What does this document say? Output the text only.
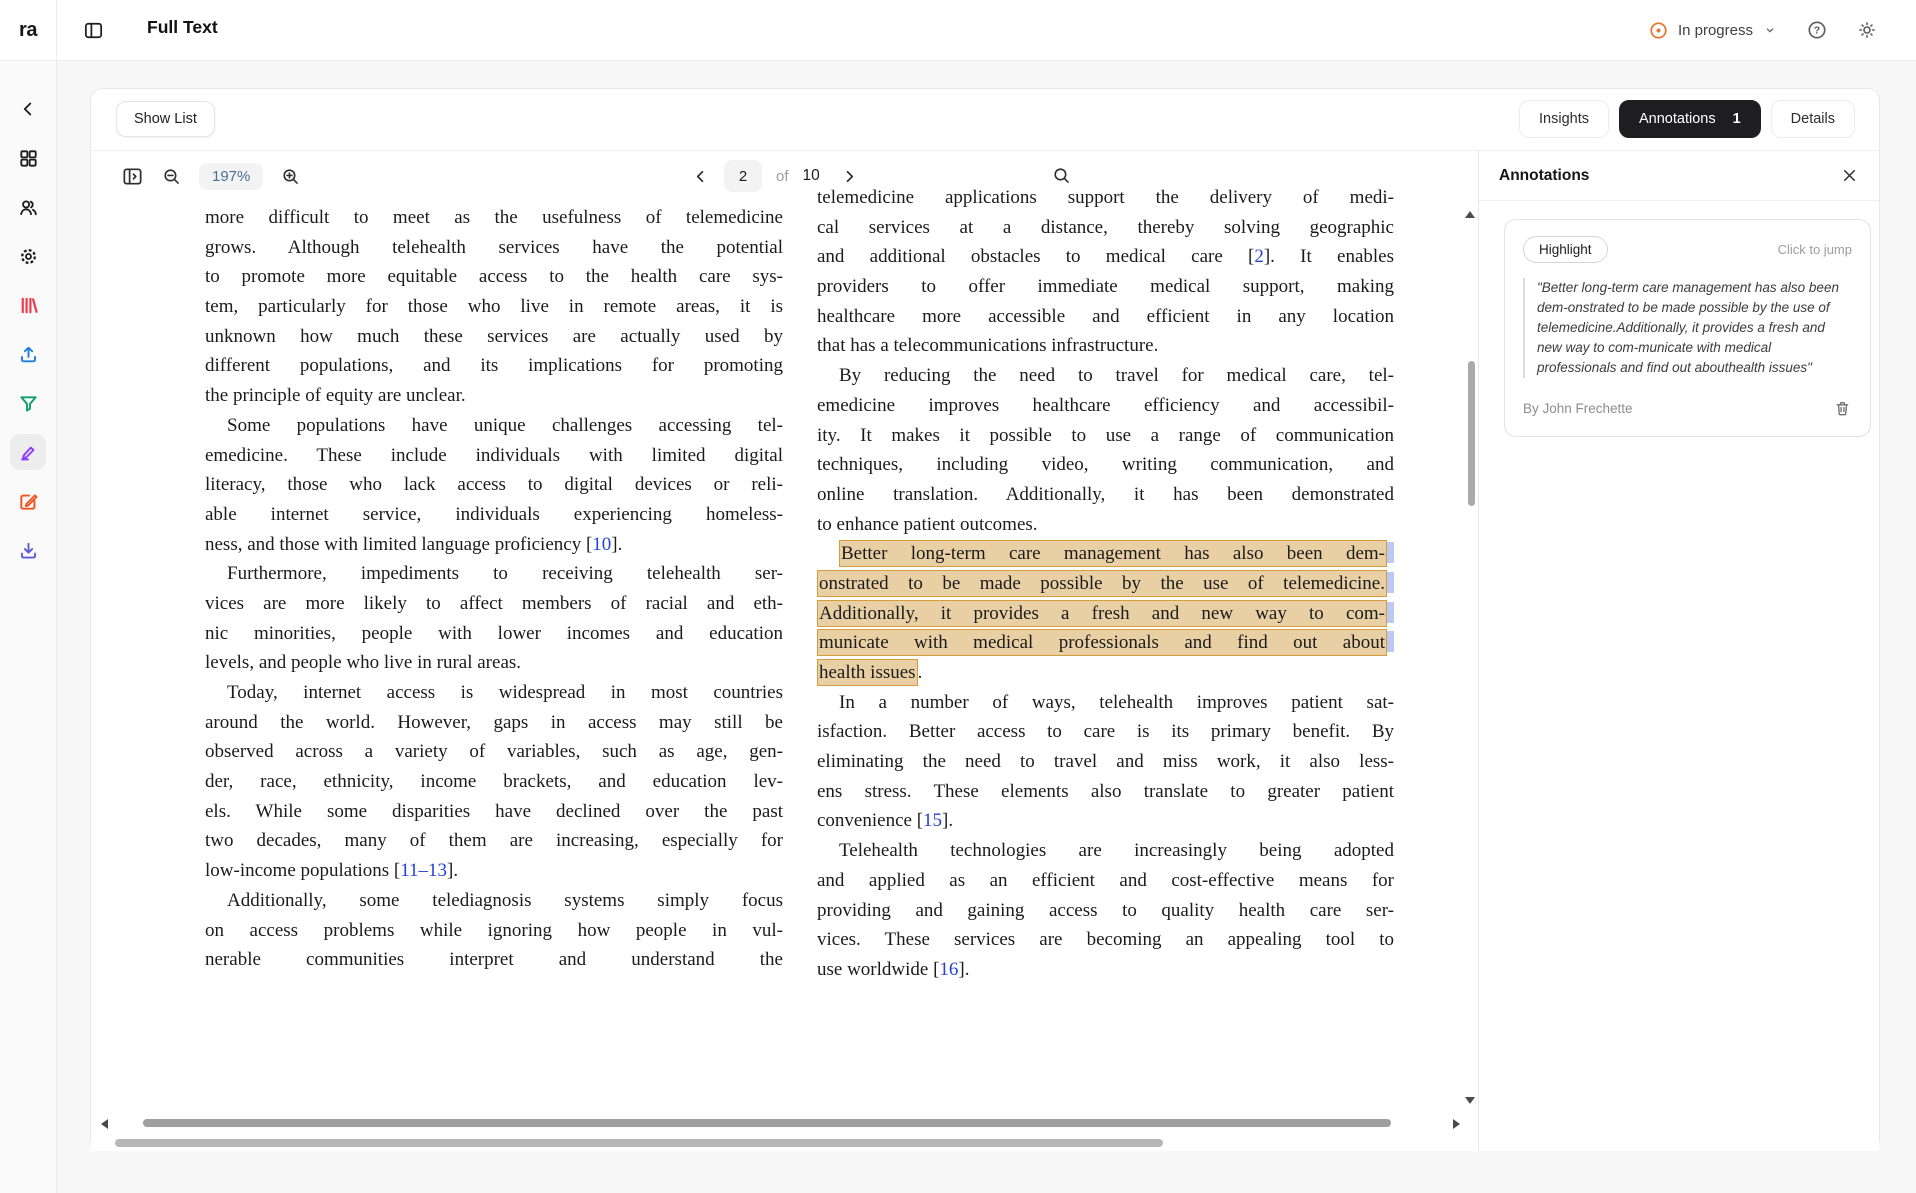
ra	Full Text	In progress	?
Show List	Insights	Annotations 1	Details
197%
2	of 10
more difficult to meet as the usefulness of telemedicine
grows. Although telehealth services have the potential
to promote more equitable access to the health care sys-
tem, particularly for those who live in remote areas, it is
unknown how much these services are actually used by
different populations, and its implications for promoting
the principle of equity are unclear.
Some populations have unique challenges accessing tel-
emedicine. These include individuals with limited digital
literacy, those who lack access to digital devices or reli-
able internet service, individuals experiencing homeless-
ness, and those with limited language proficiency [10].
Furthermore, impediments to receiving telehealth ser-
vices are more likely to affect members of racial and eth-
nic minorities, people with lower incomes and education
levels, and people who live in rural areas.
Today, internet access is widespread in most countries
around the world. However, gaps in access may still be
observed across a variety of variables, such as age, gen-
der, race, ethnicity, income brackets, and education lev-
els. While some disparities have declined over the past
two decades, many of them are increasing, especially for
low-income populations [11–13].
Additionally, some telediagnosis systems simply focus
on access problems while ignoring how people in vul-
nerable communities interpret and understand the
telemedicine applications support the delivery of medi-
cal services at a distance, thereby solving geographic
and additional obstacles to medical care [2]. It enables
providers to offer immediate medical support, making
healthcare more accessible and efficient in any location
that has a telecommunications infrastructure.
By reducing the need to travel for medical care, tel-
emedicine improves healthcare efficiency and accessibil-
ity. It makes it possible to use a range of communication
techniques, including video, writing communication, and
online translation. Additionally, it has been demonstrated
to enhance patient outcomes.
Better long-term care management has also been dem-
onstrated to be made possible by the use of telemedicine.
Additionally, it provides a fresh and new way to com-
municate with medical professionals and find out about
health issues .
In a number of ways, telehealth improves patient sat-
isfaction. Better access to care is its primary benefit. By
eliminating the need to travel and miss work, it also less-
ens stress. These elements also translate to greater patient
convenience [15].
Telehealth technologies are increasingly being adopted
and applied as an efficient and cost-effective means for
providing and gaining access to quality health care ser-
vices. These services are becoming an appealing tool to
use worldwide [16].
Annotations
Highlight	Click to jump
"Better long-term care management has also been dem-onstrated to be made possible by the use of telemedicine.Additionally, it provides a fresh and new way to com-municate with medical professionals and find out abouthealth issues"
By John Frechette
